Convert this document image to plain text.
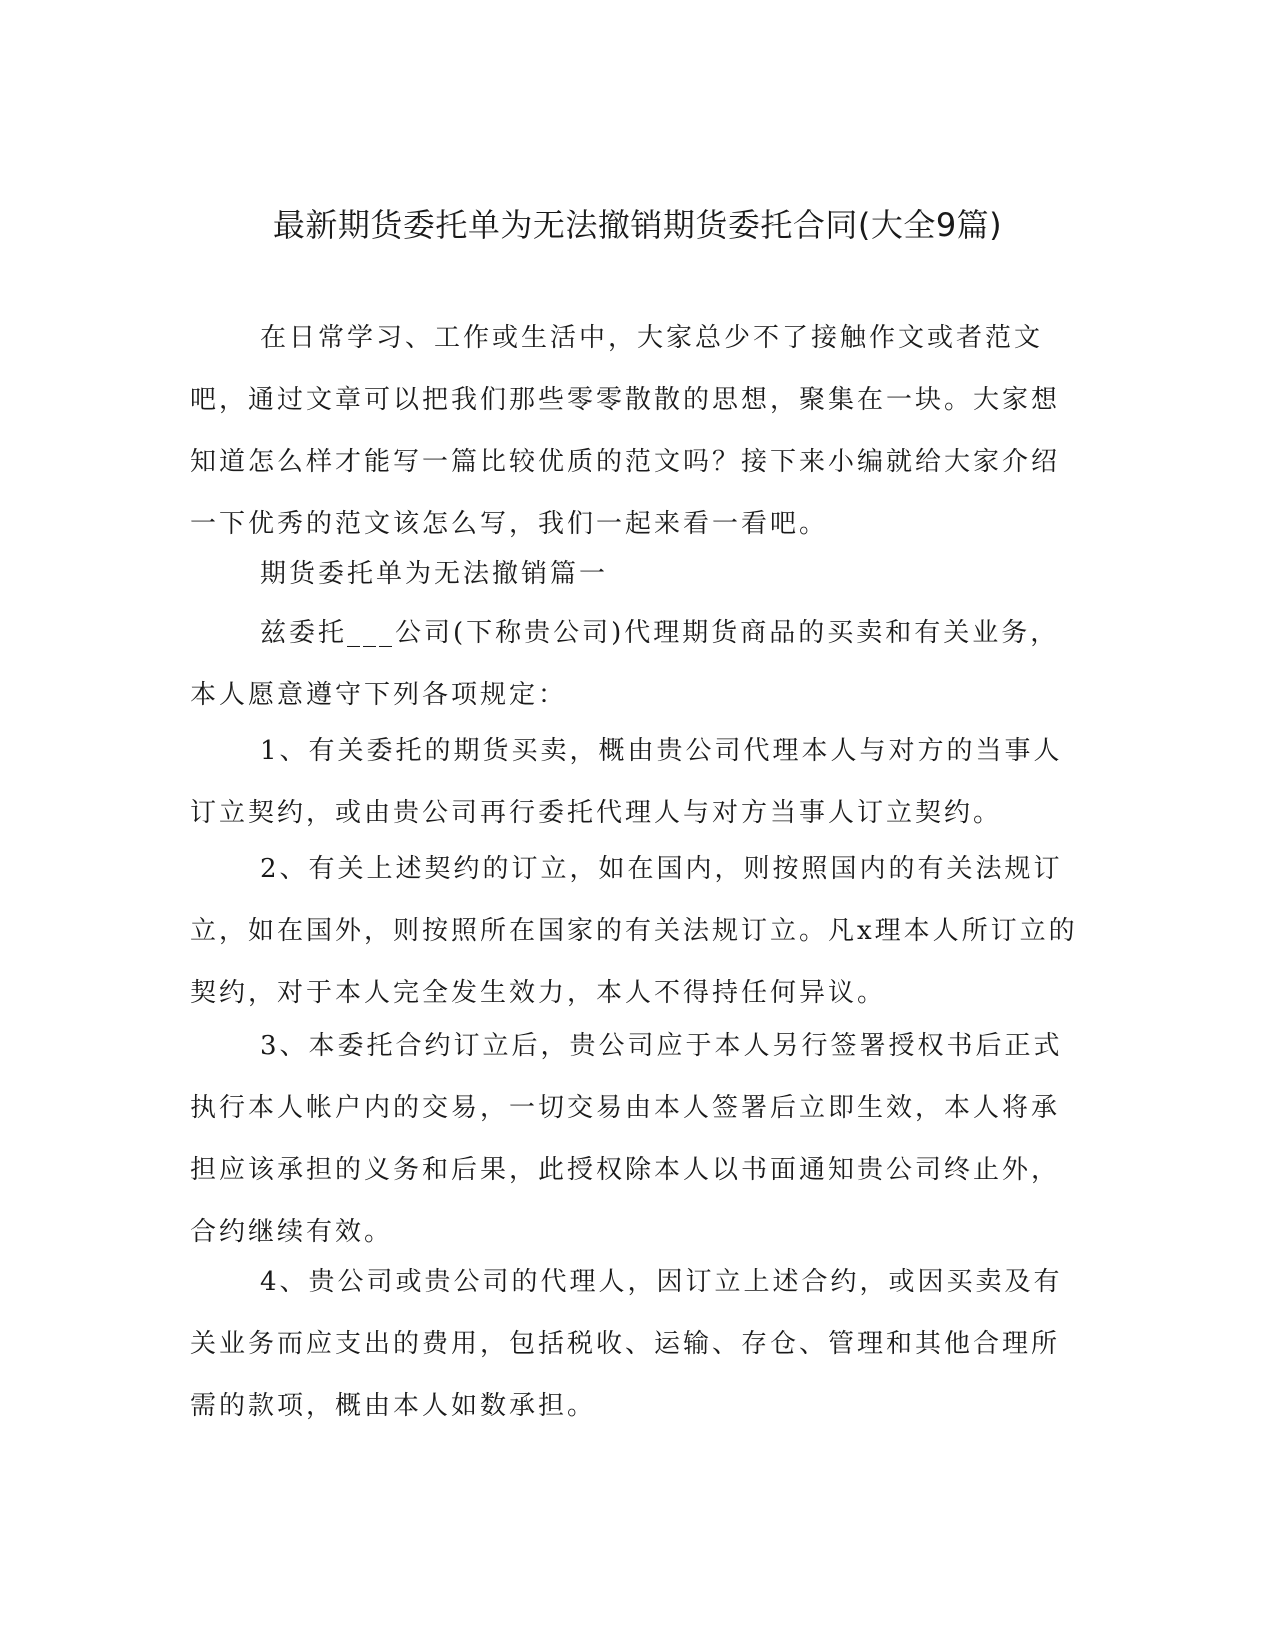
最新期货委托单为无法撤销期货委托合同(大全9篇)

在日常学习、工作或生活中，大家总少不了接触作文或者范文吧，通过文章可以把我们那些零零散散的思想，聚集在一块。大家想知道怎么样才能写一篇比较优质的范文吗？接下来小编就给大家介绍一下优秀的范文该怎么写，我们一起来看一看吧。

期货委托单为无法撤销篇一

兹委托___公司(下称贵公司)代理期货商品的买卖和有关业务，本人愿意遵守下列各项规定：

1、有关委托的期货买卖，概由贵公司代理本人与对方的当事人订立契约，或由贵公司再行委托代理人与对方当事人订立契约。

2、有关上述契约的订立，如在国内，则按照国内的有关法规订立，如在国外，则按照所在国家的有关法规订立。凡x理本人所订立的契约，对于本人完全发生效力，本人不得持任何异议。

3、本委托合约订立后，贵公司应于本人另行签署授权书后正式执行本人帐户内的交易，一切交易由本人签署后立即生效，本人将承担应该承担的义务和后果，此授权除本人以书面通知贵公司终止外，合约继续有效。

4、贵公司或贵公司的代理人，因订立上述合约，或因买卖及有关业务而应支出的费用，包括税收、运输、存仓、管理和其他合理所需的款项，概由本人如数承担。
